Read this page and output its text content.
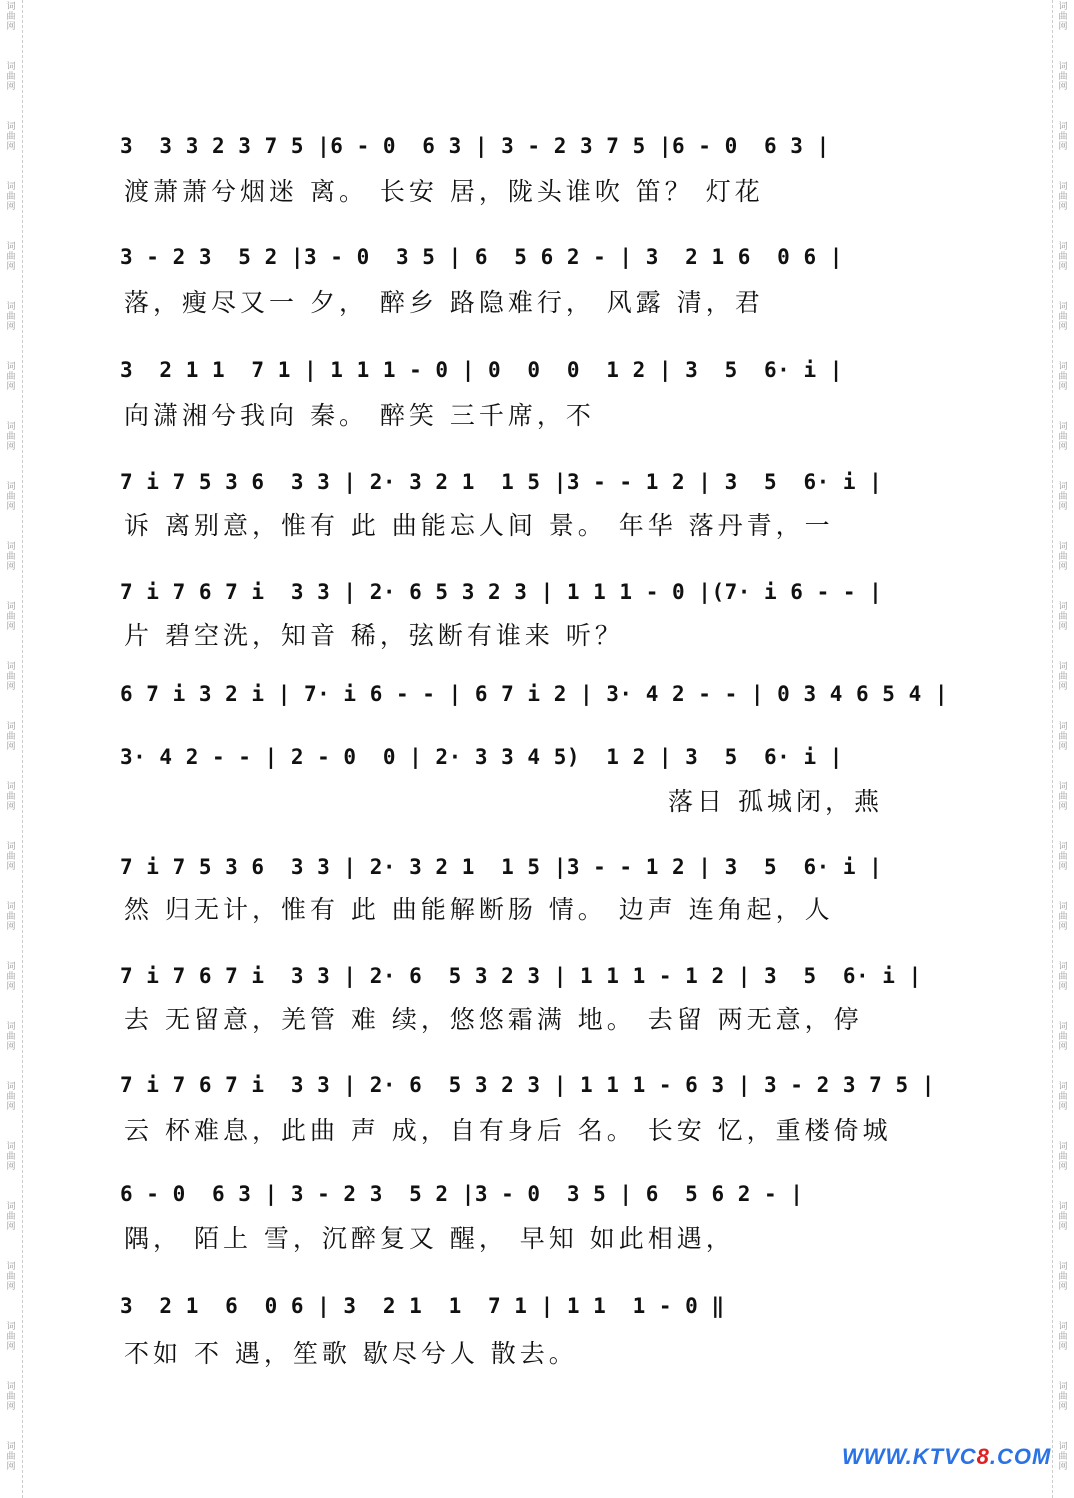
词
曲
网
词
曲
网
词
曲
网
词
曲
网
词
曲
网
词
曲
网
词
曲
网
词
曲
网
词
曲
网
词
曲
网
词
曲
网
词
曲
网
词
曲
网
词
曲
网
词
曲
网
词
曲
网
词
曲
网
词
曲
网
词
曲
网
词
曲
网
词
曲
网
词
曲
网
词
曲
网
词
曲
网
词
曲
网
词
曲
网
词
曲
网
词
曲
网
词
曲
网
词
曲
网
词
曲
网
词
曲
网
词
曲
网
词
曲
网
词
曲
网
词
曲
网
词
曲
网
词
曲
网
词
曲
网
词
曲
网
词
曲
网
词
曲
网
词
曲
网
词
曲
网
词
曲
网
词
曲
网
词
曲
网
词
曲
网
词
曲
网
词
曲
网
3  3 3 2 3 7 5 |6 - 0  6 3 | 3 - 2 3 7 5 |6 - 0  6 3 |
渡萧萧兮烟迷 离。 长安 居，陇头谁吹 笛？ 灯花
3 - 2 3  5 2 |3 - 0  3 5 | 6  5 6 2 - | 3  2 1 6  0 6 |
落，瘦尽又一 夕， 醉乡 路隐难行， 风露 清，君
3  2 1 1  7 1 | 1 1 1 - 0 | 0  0  0  1 2 | 3  5  6· i |
向潇湘兮我向 秦。 醉笑 三千席，不
7 i 7 5 3 6  3 3 | 2· 3 2 1  1 5 |3 - - 1 2 | 3  5  6· i |
诉 离别意，惟有 此 曲能忘人间 景。 年华 落丹青，一
7 i 7 6 7 i  3 3 | 2· 6 5 3 2 3 | 1 1 1 - 0 |(7· i 6 - - |
片 碧空洗，知音 稀，弦断有谁来 听？
6 7 i 3 2 i | 7· i 6 - - | 6 7 i 2 | 3· 4 2 - - | 0 3 4 6 5 4 |
3· 4 2 - - | 2 - 0  0 | 2· 3 3 4 5)  1 2 | 3  5  6· i |
落日 孤城闭，燕
7 i 7 5 3 6  3 3 | 2· 3 2 1  1 5 |3 - - 1 2 | 3  5  6· i |
然 归无计，惟有 此 曲能解断肠 情。 边声 连角起，人
7 i 7 6 7 i  3 3 | 2· 6  5 3 2 3 | 1 1 1 - 1 2 | 3  5  6· i |
去 无留意，羌管 难 续，悠悠霜满 地。 去留 两无意，停
7 i 7 6 7 i  3 3 | 2· 6  5 3 2 3 | 1 1 1 - 6 3 | 3 - 2 3 7 5 |
云 杯难息，此曲 声 成，自有身后 名。 长安 忆，重楼倚城
6 - 0  6 3 | 3 - 2 3  5 2 |3 - 0  3 5 | 6  5 6 2 - |
隅， 陌上 雪，沉醉复又 醒， 早知 如此相遇，
3  2 1  6  0 6 | 3  2 1  1  7 1 | 1 1  1 - 0 ‖
不如 不 遇，笙歌 歇尽兮人 散去。
WWW.KTVC8.COM
